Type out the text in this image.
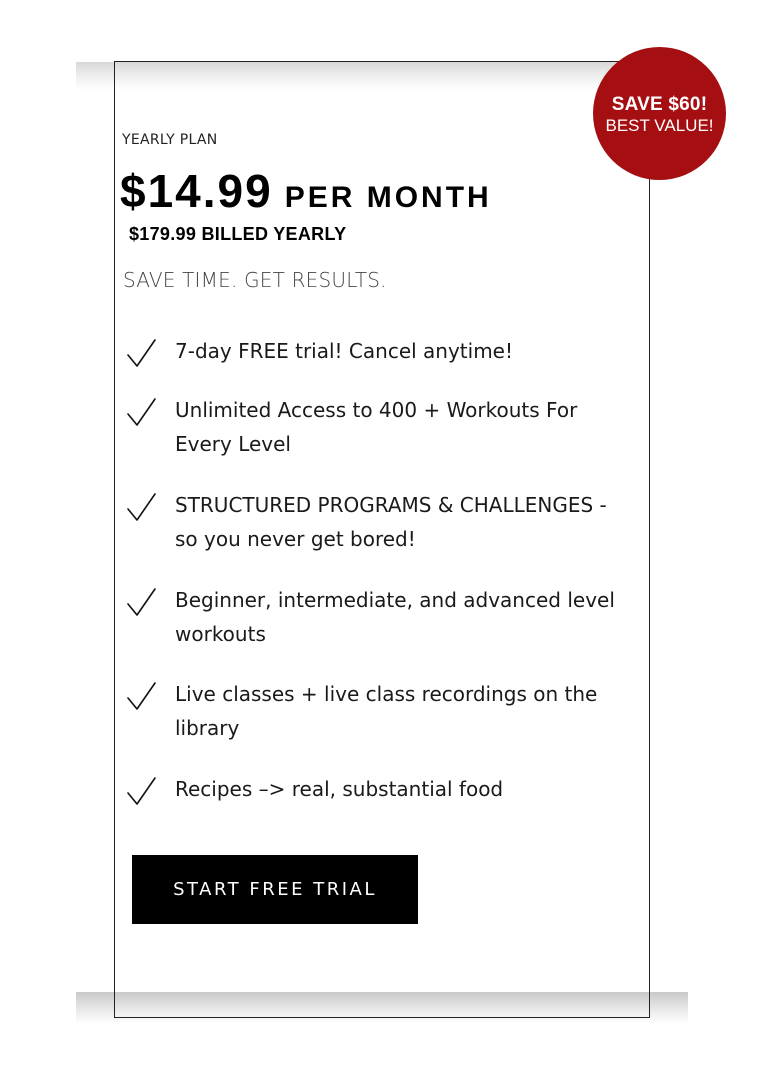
SAVE $60!
BEST VALUE!
YEARLY PLAN
$14.99 PER MONTH
$179.99 BILLED YEARLY
SAVE TIME. GET RESULTS.
7-day FREE trial! Cancel anytime!
Unlimited Access to 400 + Workouts For Every Level
STRUCTURED PROGRAMS & CHALLENGES - so you never get bored!
Beginner, intermediate, and advanced level workouts
Live classes + live class recordings on the library
Recipes –> real, substantial food
START FREE TRIAL
